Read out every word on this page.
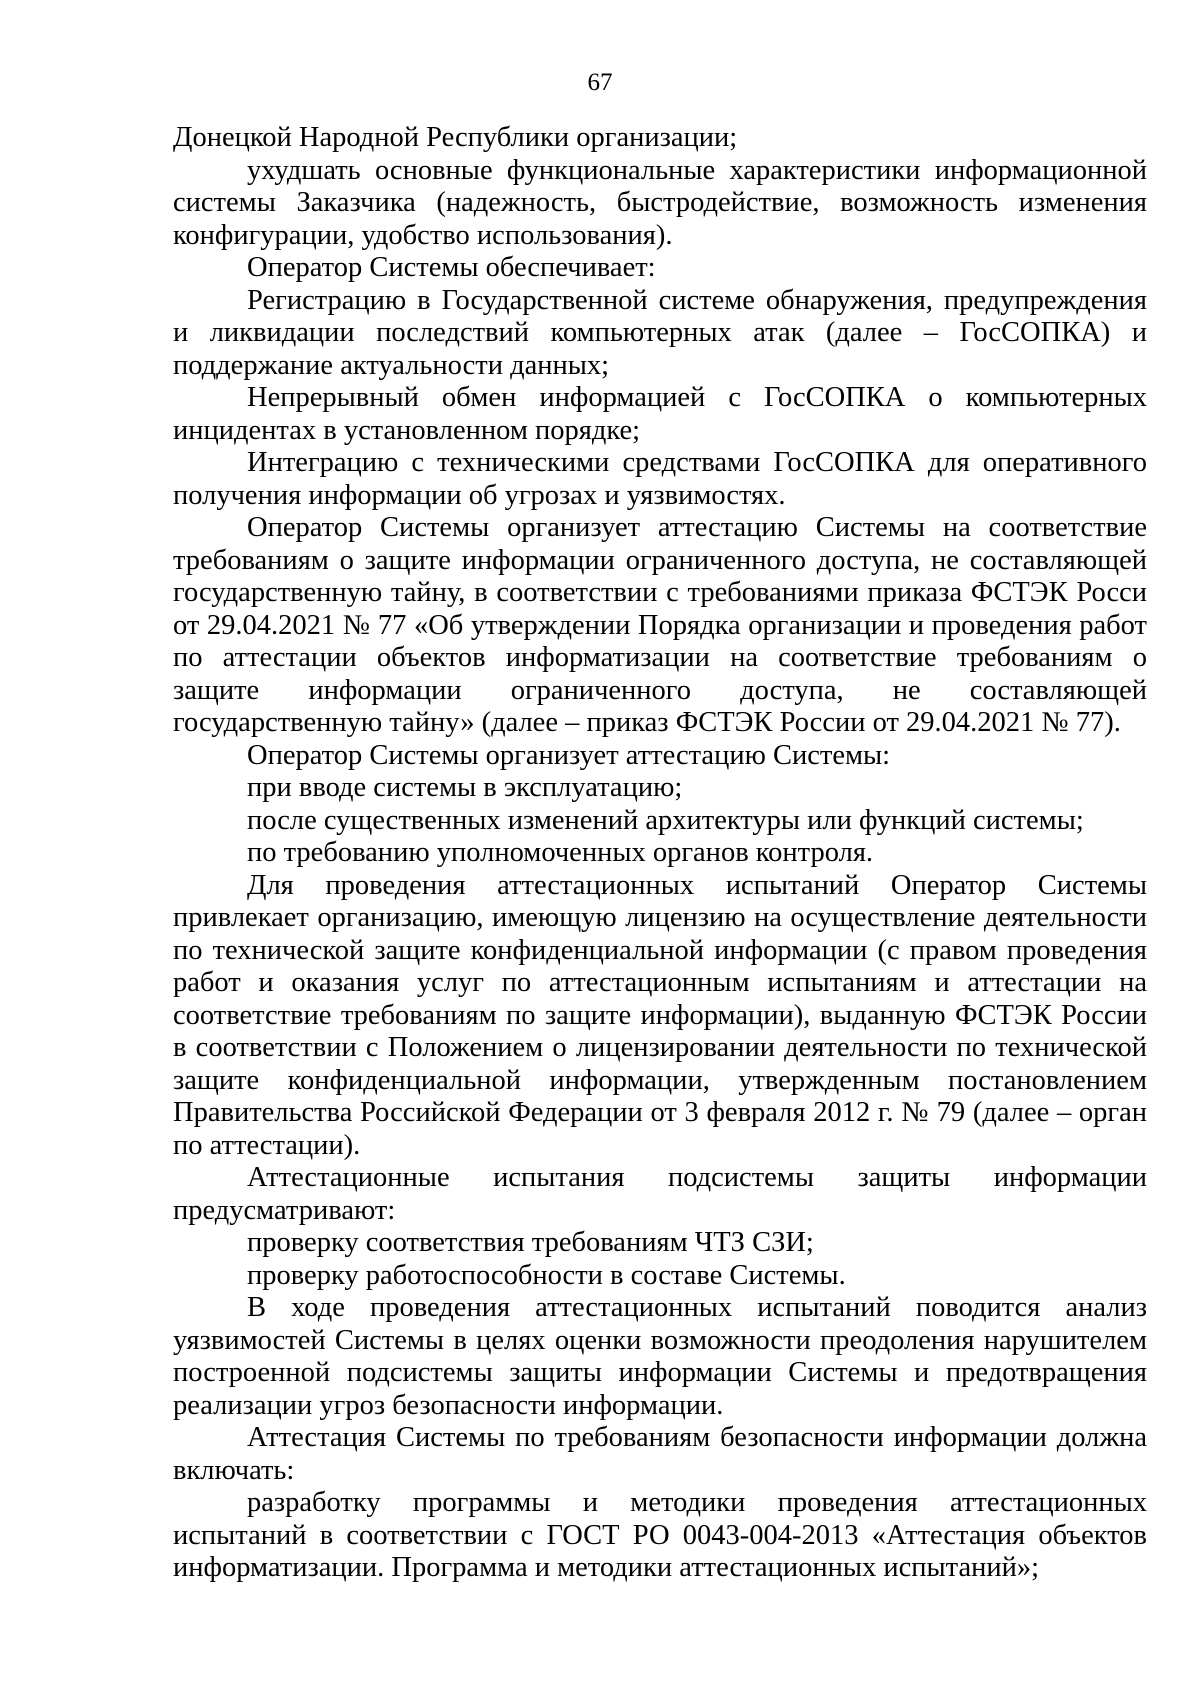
67

Донецкой Народной Республики организации;

ухудшать основные функциональные характеристики информационной системы Заказчика (надежность, быстродействие, возможность изменения конфигурации, удобство использования).

Оператор Системы обеспечивает:

Регистрацию в Государственной системе обнаружения, предупреждения и ликвидации последствий компьютерных атак (далее – ГосСОПКА) и поддержание актуальности данных;

Непрерывный обмен информацией с ГосСОПКА о компьютерных инцидентах в установленном порядке;

Интеграцию с техническими средствами ГосСОПКА для оперативного получения информации об угрозах и уязвимостях.

Оператор Системы организует аттестацию Системы на соответствие требованиям о защите информации ограниченного доступа, не составляющей государственную тайну, в соответствии с требованиями приказа ФСТЭК Росси от 29.04.2021 № 77 «Об утверждении Порядка организации и проведения работ по аттестации объектов информатизации на соответствие требованиям о защите информации ограниченного доступа, не составляющей государственную тайну» (далее – приказ ФСТЭК России от 29.04.2021 № 77).

Оператор Системы организует аттестацию Системы:

при вводе системы в эксплуатацию;

после существенных изменений архитектуры или функций системы;

по требованию уполномоченных органов контроля.

Для проведения аттестационных испытаний Оператор Системы привлекает организацию, имеющую лицензию на осуществление деятельности по технической защите конфиденциальной информации (с правом проведения работ и оказания услуг по аттестационным испытаниям и аттестации на соответствие требованиям по защите информации), выданную ФСТЭК России в соответствии с Положением о лицензировании деятельности по технической защите конфиденциальной информации, утвержденным постановлением Правительства Российской Федерации от 3 февраля 2012 г. № 79 (далее – орган по аттестации).

Аттестационные испытания подсистемы защиты информации предусматривают:

проверку соответствия требованиям ЧТЗ СЗИ;

проверку работоспособности в составе Системы.

В ходе проведения аттестационных испытаний поводится анализ уязвимостей Системы в целях оценки возможности преодоления нарушителем построенной подсистемы защиты информации Системы и предотвращения реализации угроз безопасности информации.

Аттестация Системы по требованиям безопасности информации должна включать:

разработку программы и методики проведения аттестационных испытаний в соответствии с ГОСТ РО 0043-004-2013 «Аттестация объектов информатизации. Программа и методики аттестационных испытаний»;
